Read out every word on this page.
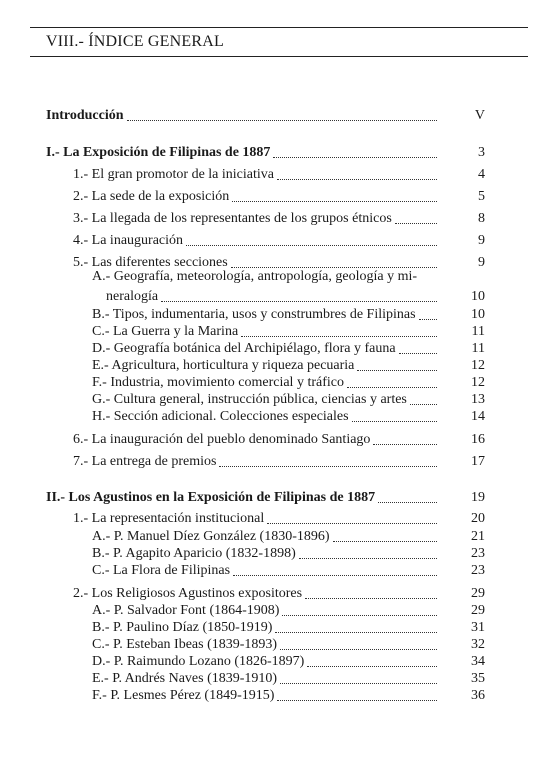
VIII.- ÍNDICE GENERAL
Introducción	V
I.- La Exposición de Filipinas de 1887	3
1.- El gran promotor de la iniciativa	4
2.- La sede de la exposición	5
3.- La llegada de los representantes de los grupos étnicos	8
4.- La inauguración	9
5.- Las diferentes secciones	9
A.- Geografía, meteorología, antropología, geología y mi-
neralogía	10
B.- Tipos, indumentaria, usos y construmbres de Filipinas	10
C.- La Guerra y la Marina	11
D.- Geografía botánica del Archipiélago, flora y fauna	11
E.- Agricultura, horticultura y riqueza pecuaria	12
F.- Industria, movimiento comercial y tráfico	12
G.- Cultura general, instrucción pública, ciencias y artes	13
H.- Sección adicional. Colecciones especiales	14
6.- La inauguración del pueblo denominado Santiago	16
7.- La entrega de premios	17
II.- Los Agustinos en la Exposición de Filipinas de 1887	19
1.- La representación institucional	20
A.- P. Manuel Díez González (1830-1896)	21
B.- P. Agapito Aparicio (1832-1898)	23
C.- La Flora de Filipinas	23
2.- Los Religiosos Agustinos expositores	29
A.- P. Salvador Font (1864-1908)	29
B.- P. Paulino Díaz (1850-1919)	31
C.- P. Esteban Ibeas (1839-1893)	32
D.- P. Raimundo Lozano (1826-1897)	34
E.- P. Andrés Naves (1839-1910)	35
F.- P. Lesmes Pérez (1849-1915)	36
